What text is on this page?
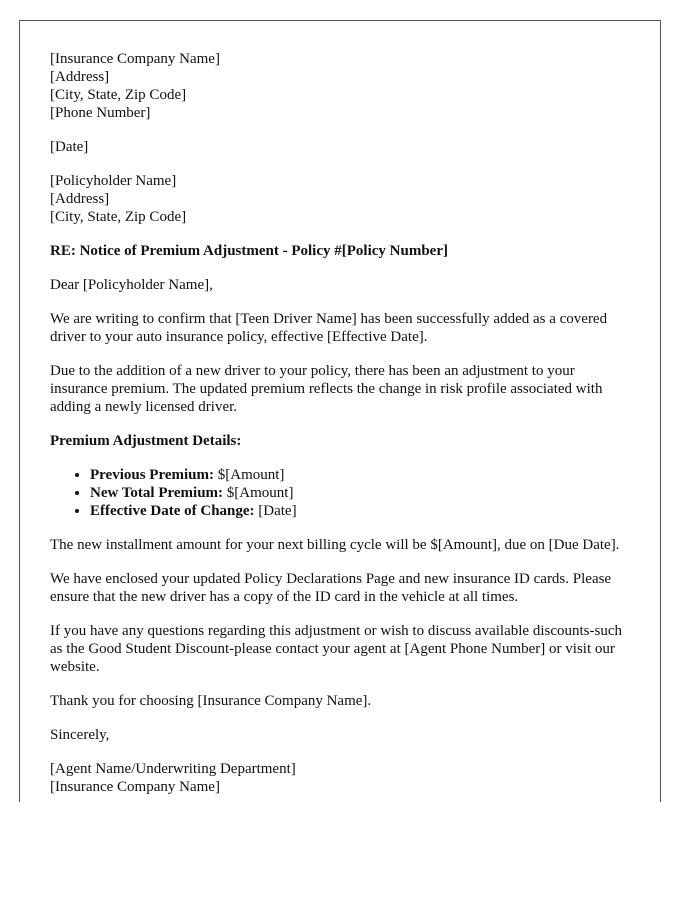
[Insurance Company Name]
[Address]
[City, State, Zip Code]
[Phone Number]
[Date]
[Policyholder Name]
[Address]
[City, State, Zip Code]
RE: Notice of Premium Adjustment - Policy #[Policy Number]
Dear [Policyholder Name],
We are writing to confirm that [Teen Driver Name] has been successfully added as a covered driver to your auto insurance policy, effective [Effective Date].
Due to the addition of a new driver to your policy, there has been an adjustment to your insurance premium. The updated premium reflects the change in risk profile associated with adding a newly licensed driver.
Premium Adjustment Details:
• Previous Premium: $[Amount]
• New Total Premium: $[Amount]
• Effective Date of Change: [Date]
The new installment amount for your next billing cycle will be $[Amount], due on [Due Date].
We have enclosed your updated Policy Declarations Page and new insurance ID cards. Please ensure that the new driver has a copy of the ID card in the vehicle at all times.
If you have any questions regarding this adjustment or wish to discuss available discounts-such as the Good Student Discount-please contact your agent at [Agent Phone Number] or visit our website.
Thank you for choosing [Insurance Company Name].
Sincerely,
[Agent Name/Underwriting Department]
[Insurance Company Name]
